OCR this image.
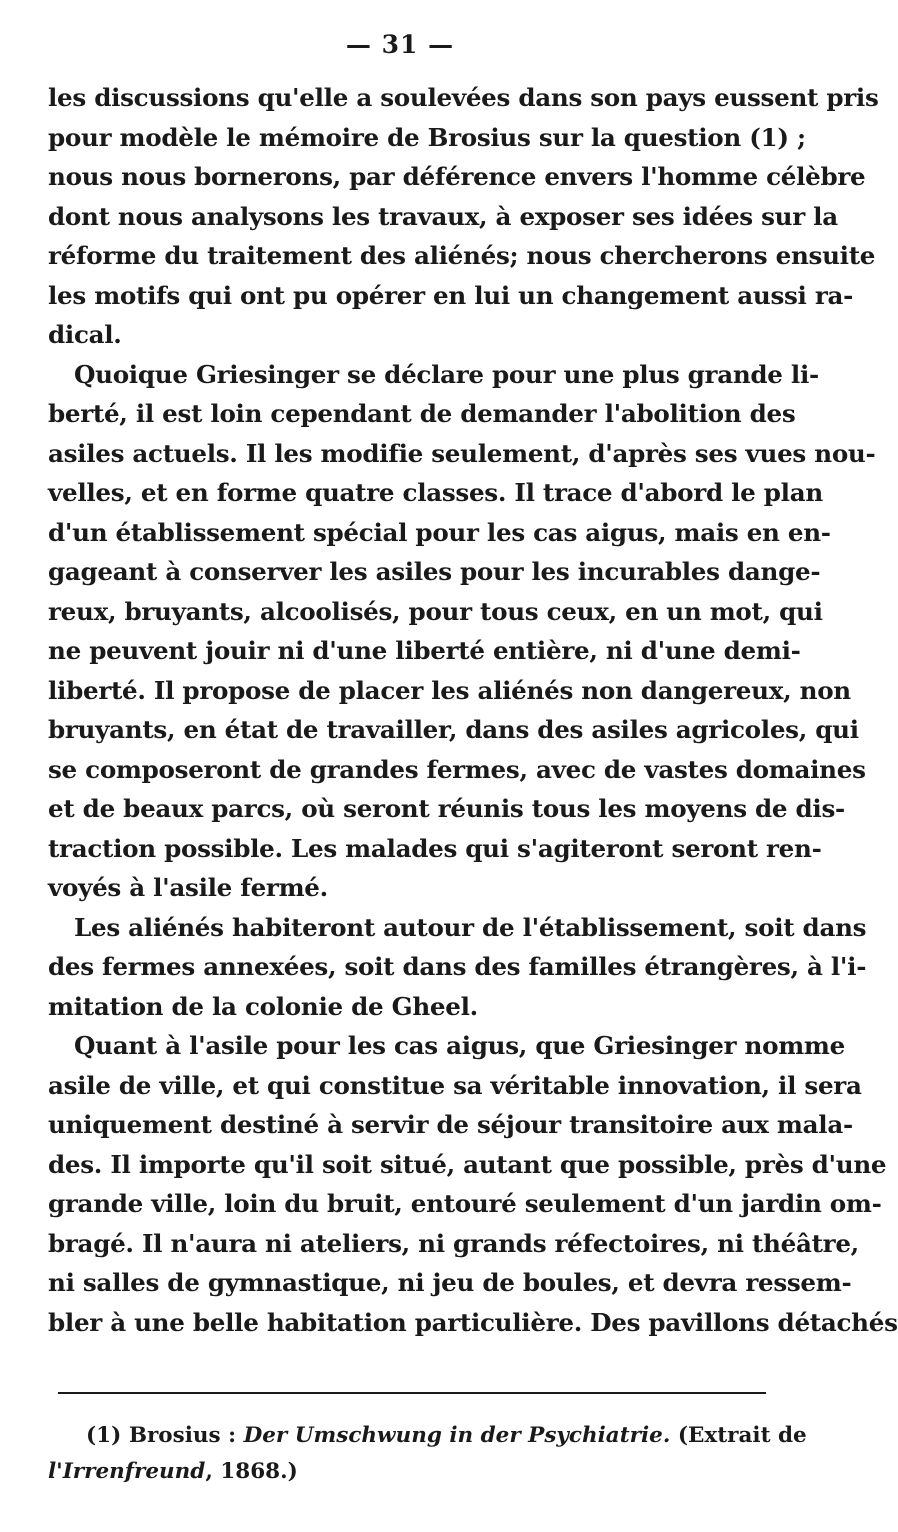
— 31 —
les discussions qu'elle a soulevées dans son pays eussent pris
pour modèle le mémoire de Brosius sur la question (1) ;
nous nous bornerons, par déférence envers l'homme célèbre
dont nous analysons les travaux, à exposer ses idées sur la
réforme du traitement des aliénés; nous chercherons ensuite
les motifs qui ont pu opérer en lui un changement aussi ra-
dical.
Quoique Griesinger se déclare pour une plus grande li-
berté, il est loin cependant de demander l'abolition des
asiles actuels. Il les modifie seulement, d'après ses vues nou-
velles, et en forme quatre classes. Il trace d'abord le plan
d'un établissement spécial pour les cas aigus, mais en en-
gageant à conserver les asiles pour les incurables dange-
reux, bruyants, alcoolisés, pour tous ceux, en un mot, qui
ne peuvent jouir ni d'une liberté entière, ni d'une demi-
liberté. Il propose de placer les aliénés non dangereux, non
bruyants, en état de travailler, dans des asiles agricoles, qui
se composeront de grandes fermes, avec de vastes domaines
et de beaux parcs, où seront réunis tous les moyens de dis-
traction possible. Les malades qui s'agiteront seront ren-
voyés à l'asile fermé.
Les aliénés habiteront autour de l'établissement, soit dans
des fermes annexées, soit dans des familles étrangères, à l'i-
mitation de la colonie de Gheel.
Quant à l'asile pour les cas aigus, que Griesinger nomme
asile de ville, et qui constitue sa véritable innovation, il sera
uniquement destiné à servir de séjour transitoire aux mala-
des. Il importe qu'il soit situé, autant que possible, près d'une
grande ville, loin du bruit, entouré seulement d'un jardin om-
bragé. Il n'aura ni ateliers, ni grands réfectoires, ni théâtre,
ni salles de gymnastique, ni jeu de boules, et devra ressem-
bler à une belle habitation particulière. Des pavillons détachés
(1) Brosius : Der Umschwung in der Psychiatrie. (Extrait de
l'Irrenfreund, 1868.)
